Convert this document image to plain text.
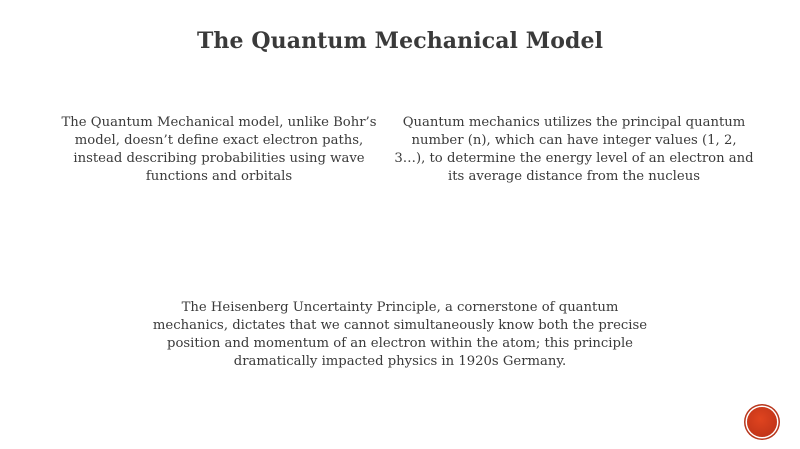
The Quantum Mechanical Model
The Quantum Mechanical model, unlike Bohr’s model, doesn’t define exact electron paths, instead describing probabilities using wave functions and orbitals
Quantum mechanics utilizes the principal quantum number (n), which can have integer values (1, 2, 3…), to determine the energy level of an electron and its average distance from the nucleus
The Heisenberg Uncertainty Principle, a cornerstone of quantum mechanics, dictates that we cannot simultaneously know both the precise position and momentum of an electron within the atom; this principle dramatically impacted physics in 1920s Germany.
